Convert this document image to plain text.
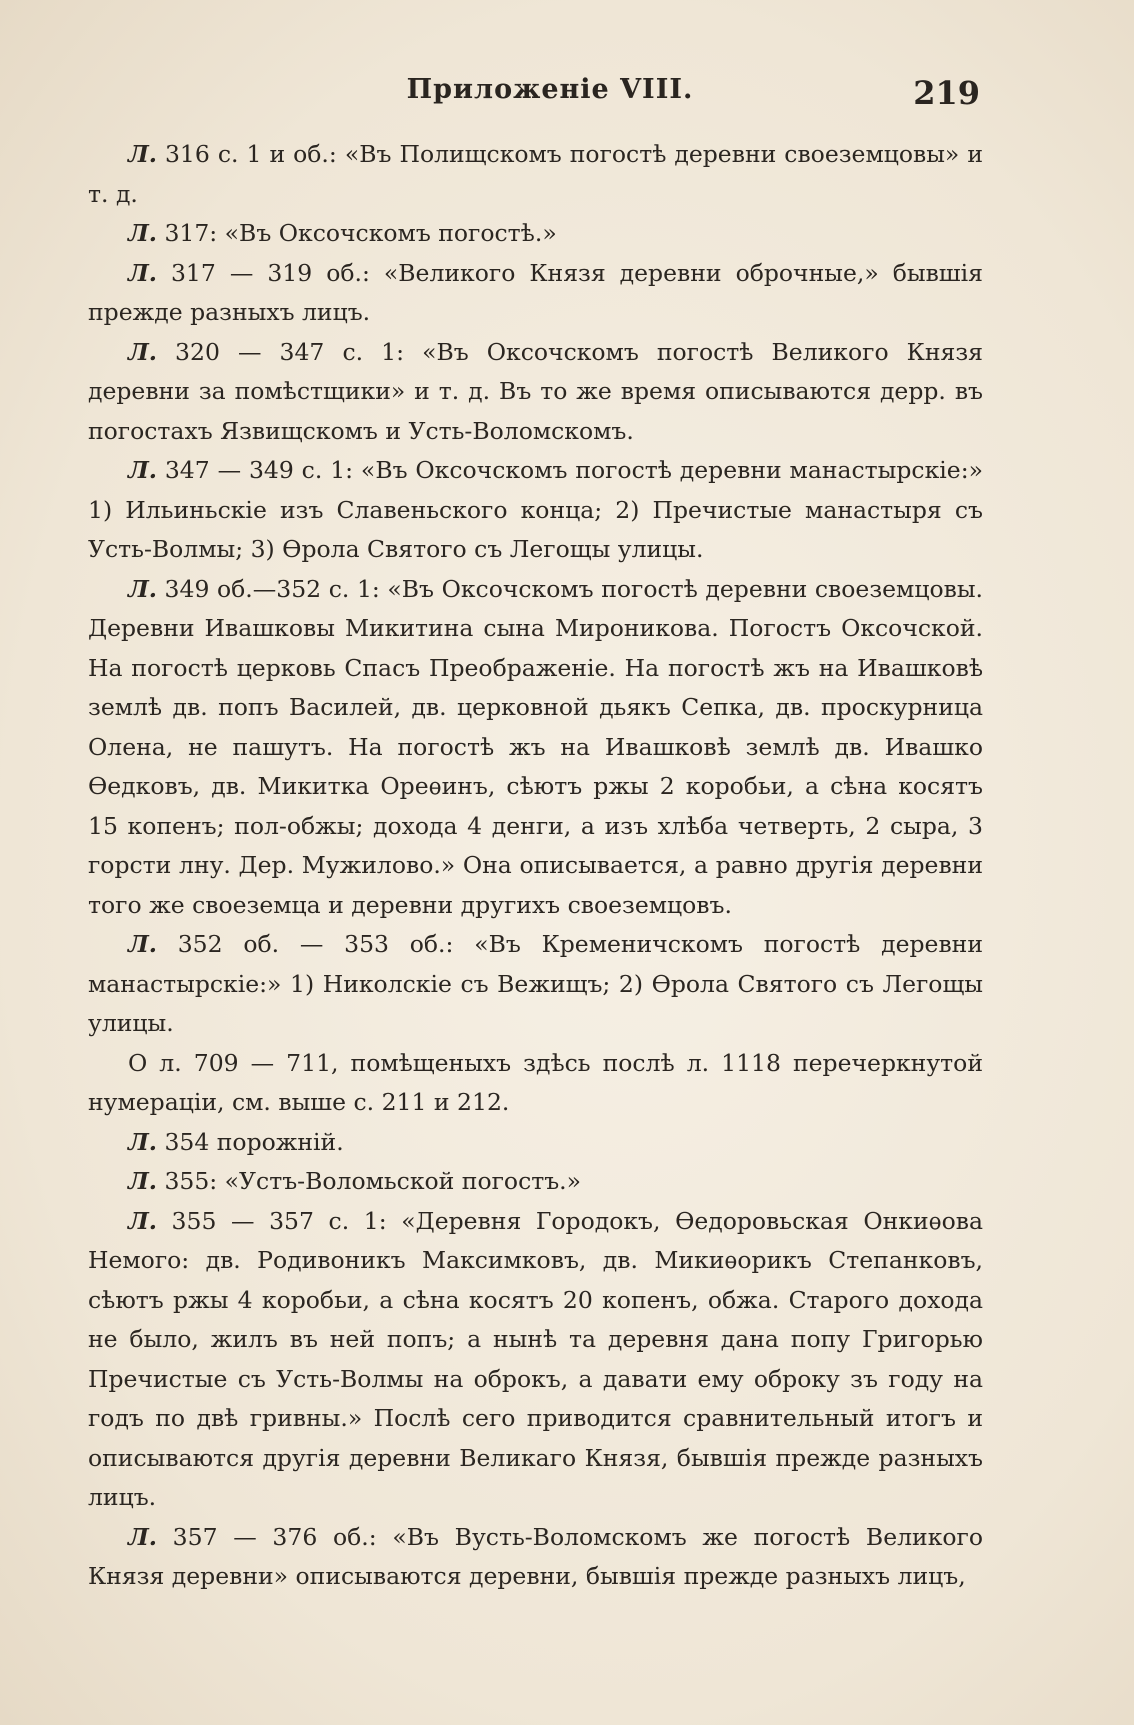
Приложеніе VIII.	219

Л. 316 с. 1 и об.: «Въ Полищскомъ погостѣ деревни своеземцовы» и т. д.

Л. 317: «Въ Оксочскомъ погостѣ.»

Л. 317 — 319 об.: «Великого Князя деревни оброчные,» бывшія прежде разныхъ лицъ.

Л. 320 — 347 с. 1: «Въ Оксочскомъ погостѣ Великого Князя деревни за помѣстщики» и т. д. Въ то же время описываются дерр. въ погостахъ Язвищскомъ и Усть-Воломскомъ.

Л. 347 — 349 с. 1: «Въ Оксочскомъ погостѣ деревни манастырскіе:» 1) Ильиньскіе изъ Славеньского конца; 2) Пречистые манастыря съ Усть-Волмы; 3) Ѳрола Святого съ Легощы улицы.

Л. 349 об.—352 с. 1: «Въ Оксочскомъ погостѣ деревни своеземцовы. Деревни Ивашковы Микитина сына Мироникова. Погостъ Оксочской. На погостѣ церковь Спасъ Преображеніе. На погостѣ жъ на Ивашковѣ землѣ дв. попъ Василей, дв. церковной дьякъ Сепка, дв. проскурница Олена, не пашутъ. На погостѣ жъ на Ивашковѣ землѣ дв. Ивашко Ѳедковъ, дв. Микитка Ореѳинъ, сѣютъ ржы 2 коробьи, а сѣна косятъ 15 копенъ; пол-обжы; дохода 4 денги, а изъ хлѣба четверть, 2 сыра, 3 горсти лну. Дер. Мужилово.» Она описывается, а равно другія деревни того же своеземца и деревни другихъ своеземцовъ.

Л. 352 об. — 353 об.: «Въ Кременичскомъ погостѣ деревни манастырскіе:» 1) Николскіе съ Вежищъ; 2) Ѳрола Святого съ Легощы улицы.

О л. 709 — 711, помѣщеныхъ здѣсь послѣ л. 1118 перечеркнутой нумераціи, см. выше с. 211 и 212.

Л. 354 порожній.

Л. 355: «Устъ-Воломьской погостъ.»

Л. 355 — 357 с. 1: «Деревня Городокъ, Ѳедоровьская Онкиѳова Немого: дв. Родивоникъ Максимковъ, дв. Микиѳорикъ Степанковъ, сѣютъ ржы 4 коробьи, а сѣна косятъ 20 копенъ, обжа. Старого дохода не было, жилъ въ ней попъ; а нынѣ та деревня дана попу Григорью Пречистые съ Усть-Волмы на оброкъ, а давати ему оброку зъ году на годъ по двѣ гривны.» Послѣ сего приводится сравнительный итогъ и описываются другія деревни Великаго Князя, бывшія прежде разныхъ лицъ.

Л. 357 — 376 об.: «Въ Вусть-Воломскомъ же погостѣ Великого Князя деревни» описываются деревни, бывшія прежде разныхъ лицъ,
